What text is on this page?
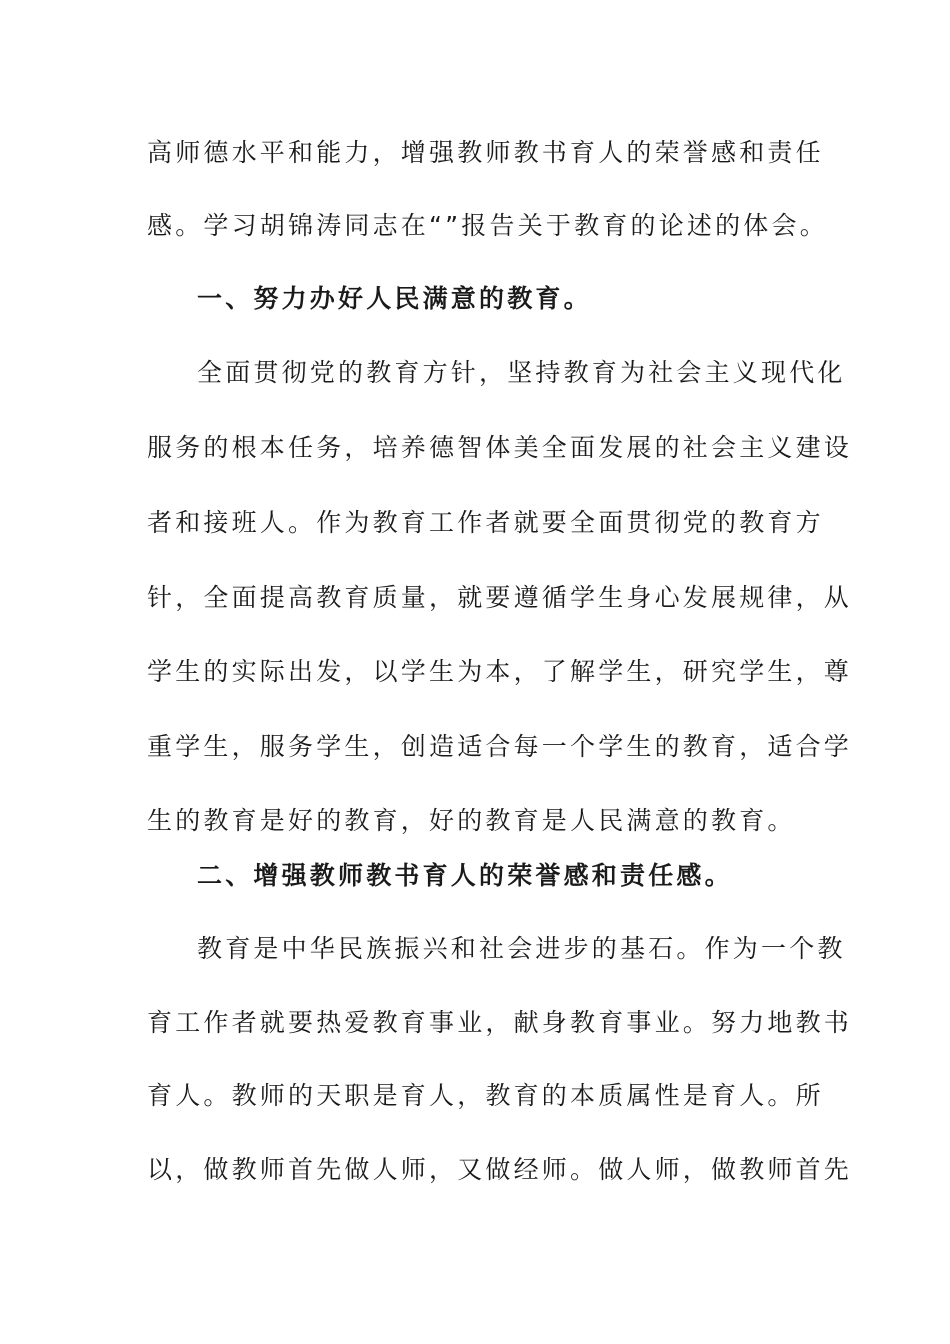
高师德水平和能力，增强教师教书育人的荣誉感和责任
感。学习胡锦涛同志在“”报告关于教育的论述的体会。
一、努力办好人民满意的教育。
全面贯彻党的教育方针，坚持教育为社会主义现代化
服务的根本任务，培养德智体美全面发展的社会主义建设
者和接班人。作为教育工作者就要全面贯彻党的教育方
针，全面提高教育质量，就要遵循学生身心发展规律，从
学生的实际出发，以学生为本，了解学生，研究学生，尊
重学生，服务学生，创造适合每一个学生的教育，适合学
生的教育是好的教育，好的教育是人民满意的教育。
二、增强教师教书育人的荣誉感和责任感。
教育是中华民族振兴和社会进步的基石。作为一个教
育工作者就要热爱教育事业，献身教育事业。努力地教书
育人。教师的天职是育人，教育的本质属性是育人。所
以，做教师首先做人师，又做经师。做人师，做教师首先
